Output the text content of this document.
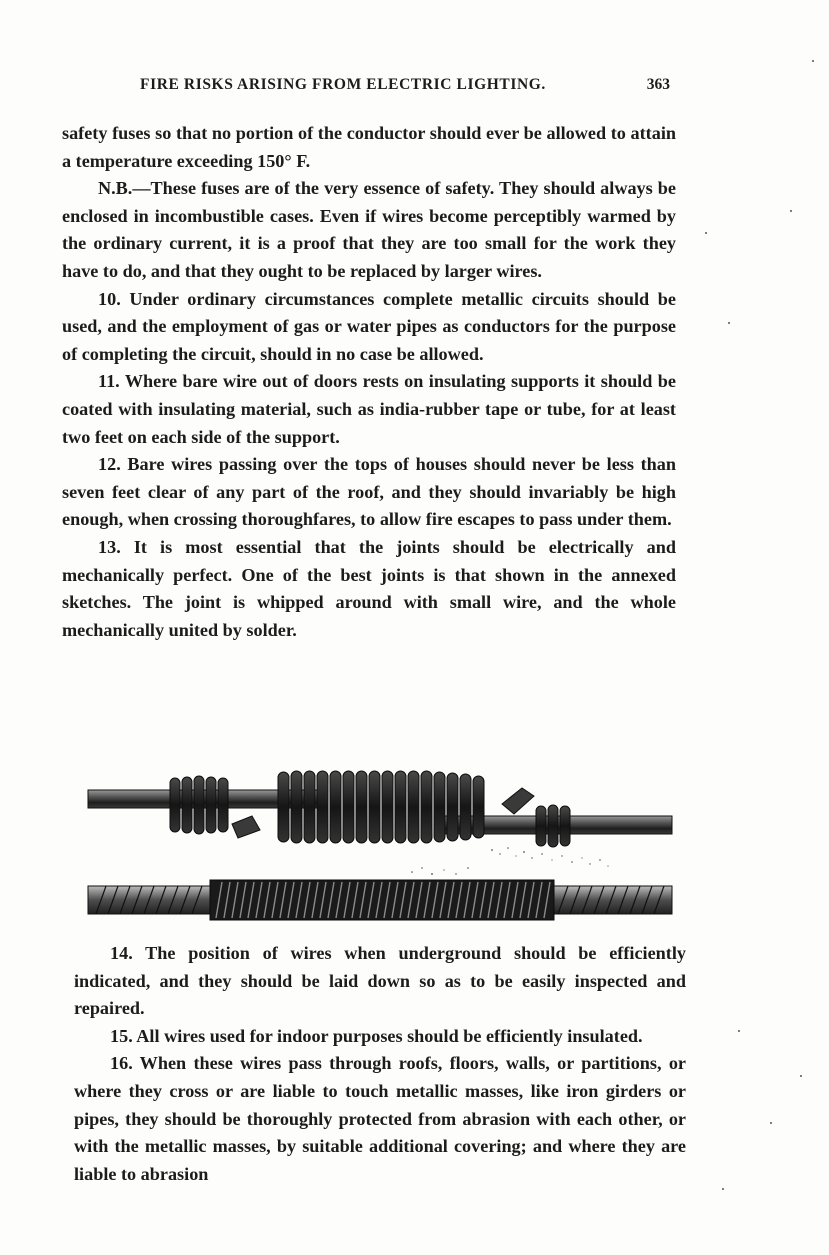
FIRE RISKS ARISING FROM ELECTRIC LIGHTING.	363

safety fuses so that no portion of the conductor should ever be allowed to attain a temperature exceeding 150° F.

N.B.—These fuses are of the very essence of safety. They should always be enclosed in incombustible cases. Even if wires become perceptibly warmed by the ordinary current, it is a proof that they are too small for the work they have to do, and that they ought to be replaced by larger wires.

10. Under ordinary circumstances complete metallic circuits should be used, and the employment of gas or water pipes as conductors for the purpose of completing the circuit, should in no case be allowed.

11. Where bare wire out of doors rests on insulating supports it should be coated with insulating material, such as india-rubber tape or tube, for at least two feet on each side of the support.

12. Bare wires passing over the tops of houses should never be less than seven feet clear of any part of the roof, and they should invariably be high enough, when crossing thoroughfares, to allow fire escapes to pass under them.

13. It is most essential that the joints should be electrically and mechanically perfect. One of the best joints is that shown in the annexed sketches. The joint is whipped around with small wire, and the whole mechanically united by solder.

14. The position of wires when underground should be efficiently indicated, and they should be laid down so as to be easily inspected and repaired.

15. All wires used for indoor purposes should be efficiently insulated.

16. When these wires pass through roofs, floors, walls, or partitions, or where they cross or are liable to touch metallic masses, like iron girders or pipes, they should be thoroughly protected from abrasion with each other, or with the metallic masses, by suitable additional covering; and where they are liable to abrasion
